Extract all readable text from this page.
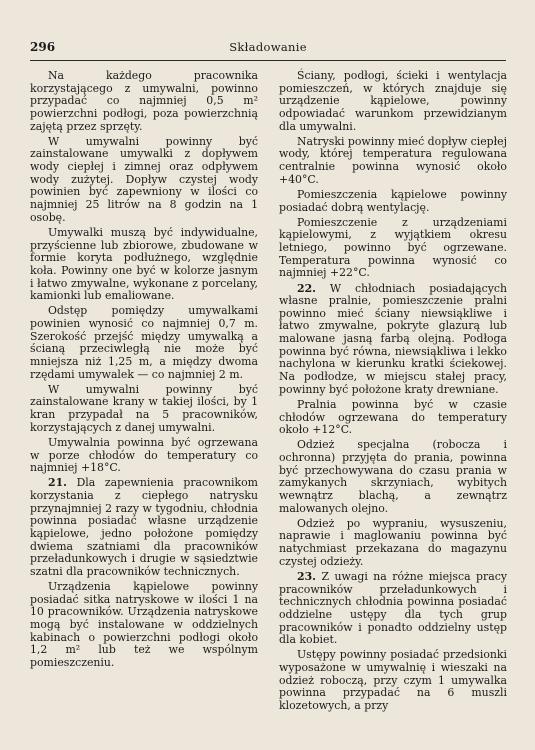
296	Składowanie

Na każdego pracownika korzystającego z umywalni, powinno przypadać co najmniej 0,5 m² powierzchni podłogi, poza powierzchnią zajętą przez sprzęty.

W umywalni powinny być zainstalowane umywalki z dopływem wody ciepłej i zimnej oraz odpływem wody zużytej. Dopływ czystej wody powinien być zapewniony w ilości co najmniej 25 litrów na 8 godzin na 1 osobę.

Umywalki muszą być indywidualne, przyścienne lub zbiorowe, zbudowane w formie koryta podłużnego, względnie koła. Powinny one być w kolorze jasnym i łatwo zmywalne, wykonane z porcelany, kamionki lub emaliowane.

Odstęp pomiędzy umywalkami powinien wynosić co najmniej 0,7 m. Szerokość przejść między umywalką a ścianą przeciwległą nie może być mniejsza niż 1,25 m, a między dwoma rzędami umywalek — co najmniej 2 m.

W umywalni powinny być zainstalowane krany w takiej ilości, by 1 kran przypadał na 5 pracowników, korzystających z danej umywalni.

Umywalnia powinna być ogrzewana w porze chłodów do temperatury co najmniej +18°C.

21. Dla zapewnienia pracownikom korzystania z ciepłego natrysku przynajmniej 2 razy w tygodniu, chłodnia powinna posiadać własne urządzenie kąpielowe, jedno położone pomiędzy dwiema szatniami dla pracowników przeładunkowych i drugie w sąsiedztwie szatni dla pracowników technicznych.

Urządzenia kąpielowe powinny posiadać sitka natryskowe w ilości 1 na 10 pracowników. Urządzenia natryskowe mogą być instalowane w oddzielnych kabinach o powierzchni podłogi około 1,2 m² lub też we wspólnym pomieszczeniu.

Ściany, podłogi, ścieki i wentylacja pomieszczeń, w których znajduje się urządzenie kąpielowe, powinny odpowiadać warunkom przewidzianym dla umywalni.

Natryski powinny mieć dopływ ciepłej wody, której temperatura regulowana centralnie powinna wynosić około +40°C.

Pomieszczenia kąpielowe powinny posiadać dobrą wentylację.

Pomieszczenie z urządzeniami kąpielowymi, z wyjątkiem okresu letniego, powinno być ogrzewane. Temperatura powinna wynosić co najmniej +22°C.

22. W chłodniach posiadających własne pralnie, pomieszczenie pralni powinno mieć ściany niewsiąkliwe i łatwo zmywalne, pokryte glazurą lub malowane jasną farbą olejną. Podłoga powinna być równa, niewsiąkliwa i lekko nachylona w kierunku kratki ściekowej. Na podłodze, w miejscu stałej pracy, powinny być położone kraty drewniane.

Pralnia powinna być w czasie chłodów ogrzewana do temperatury około +12°C.

Odzież specjalna (robocza i ochronna) przyjęta do prania, powinna być przechowywana do czasu prania w zamykanych skrzyniach, wybitych wewnątrz blachą, a zewnątrz malowanych olejno.

Odzież po wypraniu, wysuszeniu, naprawie i maglowaniu powinna być natychmiast przekazana do magazynu czystej odzieży.

23. Z uwagi na różne miejsca pracy pracowników przeładunkowych i technicznych chłodnia powinna posiadać oddzielne ustępy dla tych grup pracowników i ponadto oddzielny ustęp dla kobiet.

Ustępy powinny posiadać przedsionki wyposażone w umywalnię i wieszaki na odzież roboczą, przy czym 1 umywalka powinna przypadać na 6 muszli klozetowych, a przy
